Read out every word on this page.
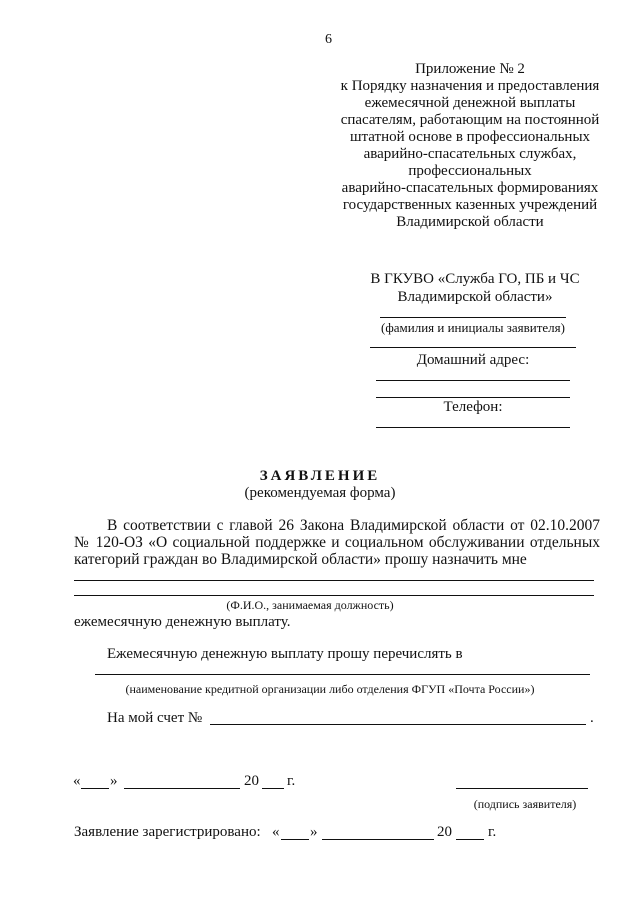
6
Приложение № 2
к Порядку назначения и предоставления
ежемесячной денежной выплаты
спасателям, работающим на постоянной
штатной основе в профессиональных
аварийно-спасательных службах,
профессиональных
аварийно-спасательных формированиях
государственных казенных учреждений
Владимирской области
В ГКУВО «Служба ГО, ПБ и ЧС
Владимирской области»
(фамилия и инициалы заявителя)
Домашний адрес:
Телефон:
ЗАЯВЛЕНИЕ
(рекомендуемая форма)
В соответствии с главой 26 Закона Владимирской области от 02.10.2007
№ 120-ОЗ «О социальной поддержке и социальном обслуживании отдельных
категорий граждан во Владимирской области» прошу назначить мне
(Ф.И.О., занимаемая должность)
ежемесячную денежную выплату.
Ежемесячную денежную выплату прошу перечислять в
(наименование кредитной организации либо отделения ФГУП «Почта России»)
На мой счет №	.
« »	20 г.
(подпись заявителя)
Заявление зарегистрировано: « »	20 г.
